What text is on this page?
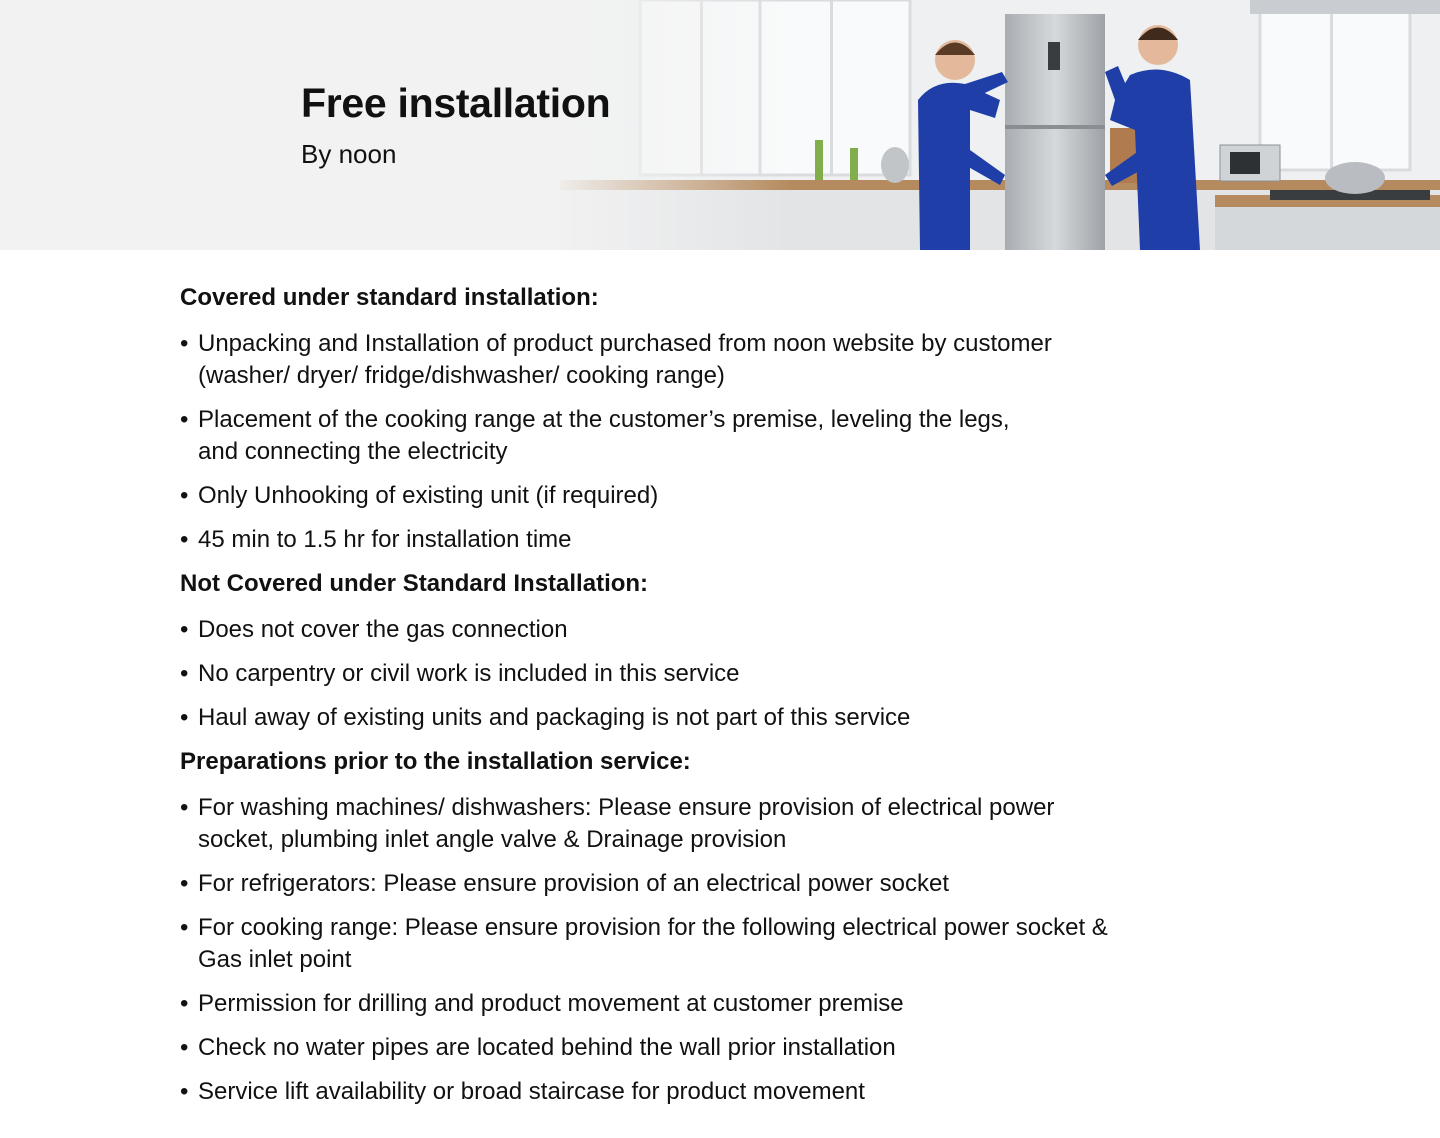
Free installation

By noon

Covered under standard installation:
• Unpacking and Installation of product purchased from noon website by customer
(washer/ dryer/ fridge/dishwasher/ cooking range)
• Placement of the cooking range at the customer’s premise, leveling the legs,
and connecting the electricity
• Only Unhooking of existing unit (if required)
• 45 min to 1.5 hr for installation time
Not Covered under Standard Installation:
• Does not cover the gas connection
• No carpentry or civil work is included in this service
• Haul away of existing units and packaging is not part of this service
Preparations prior to the installation service:
• For washing machines/ dishwashers: Please ensure provision of electrical power
socket, plumbing inlet angle valve & Drainage provision
• For refrigerators: Please ensure provision of an electrical power socket
• For cooking range: Please ensure provision for the following electrical power socket &
Gas inlet point
• Permission for drilling and product movement at customer premise
• Check no water pipes are located behind the wall prior installation
• Service lift availability or broad staircase for product movement
